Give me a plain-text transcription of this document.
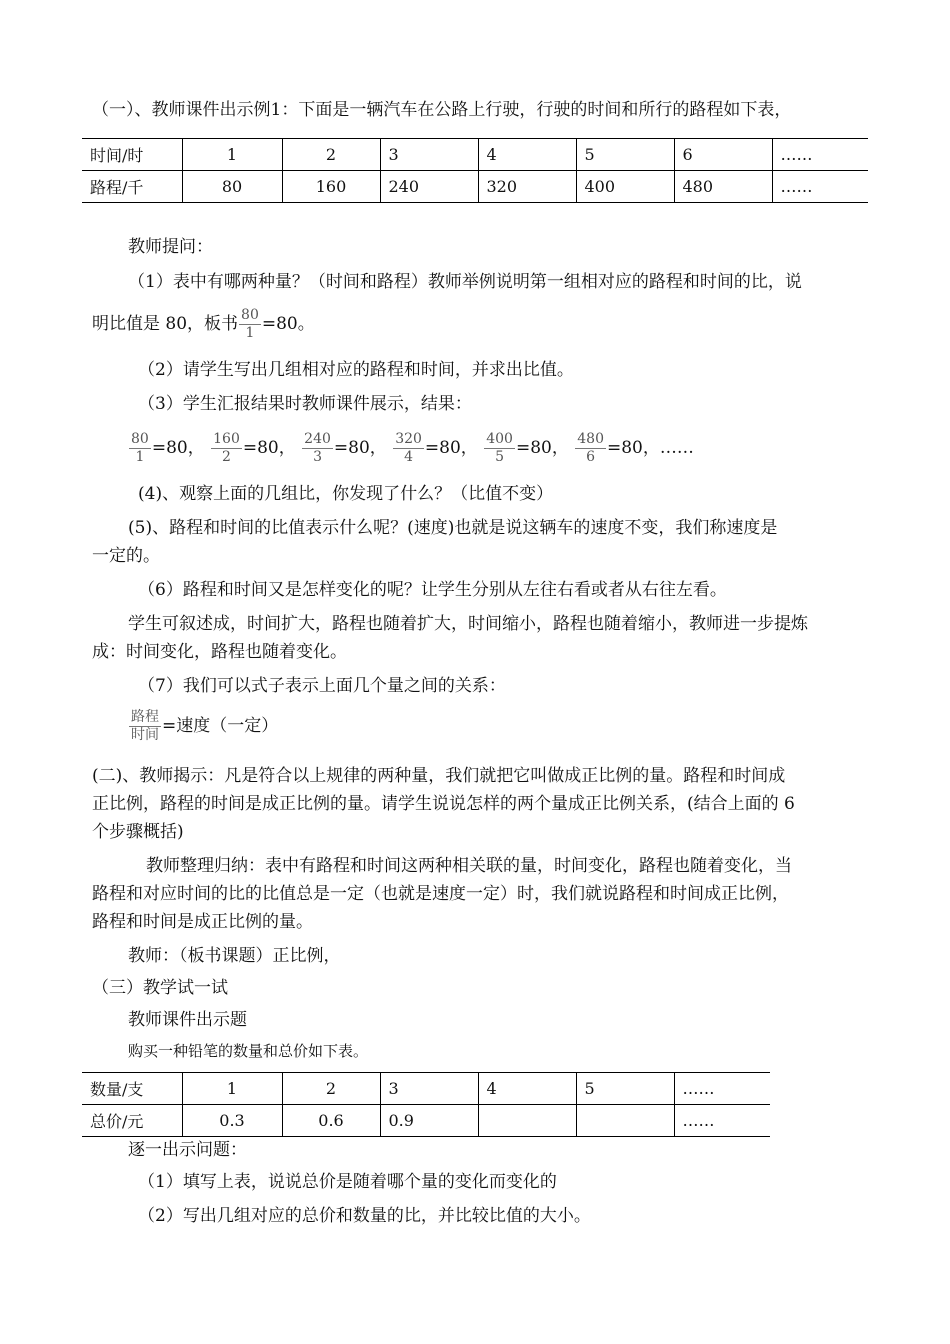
（一）、教师课件出示例1：下面是一辆汽车在公路上行驶，行驶的时间和所行的路程如下表，
时间/时	1	2	3	4	5	6	……
路程/千	80	160	240	320	400	480	……
教师提问：
（1）表中有哪两种量？（时间和路程）教师举例说明第一组相对应的路程和时间的比，说
明比值是 80，板书 $\frac{80}{1} =80$。
（2）请学生写出几组相对应的路程和时间，并求出比值。
（3）学生汇报结果时教师课件展示，结果：
$\frac{80}{1} =80$， $\frac{160}{2} =80$， $\frac{240}{3} =80$， $\frac{320}{4} =80$， $\frac{400}{5} =80$， $\frac{480}{6} =80$，……
(4)、观察上面的几组比，你发现了什么？（比值不变）
(5)、路程和时间的比值表示什么呢？(速度)也就是说这辆车的速度不变，我们称速度是
一定的。
（6）路程和时间又是怎样变化的呢？让学生分别从左往右看或者从右往左看。
学生可叙述成，时间扩大，路程也随着扩大，时间缩小，路程也随着缩小，教师进一步提炼
成：时间变化，路程也随着变化。
（7）我们可以式子表示上面几个量之间的关系：
$\frac{\text{路程}}{\text{时间}}$ =速度（一定）
(二)、教师揭示：凡是符合以上规律的两种量，我们就把它叫做成正比例的量。路程和时间成
正比例，路程的时间是成正比例的量。请学生说说怎样的两个量成正比例关系，(结合上面的 6
个步骤概括)
教师整理归纳：表中有路程和时间这两种相关联的量，时间变化，路程也随着变化，当
路程和对应时间的比的比值总是一定（也就是速度一定）时，我们就说路程和时间成正比例，
路程和时间是成正比例的量。
教师：（板书课题）正比例，
（三）教学试一试
教师课件出示题
购买一种铅笔的数量和总价如下表。
数量/支	1	2	3	4	5	……
总价/元	0.3	0.6	0.9			……
逐一出示问题：
（1）填写上表，说说总价是随着哪个量的变化而变化的
（2）写出几组对应的总价和数量的比，并比较比值的大小。
